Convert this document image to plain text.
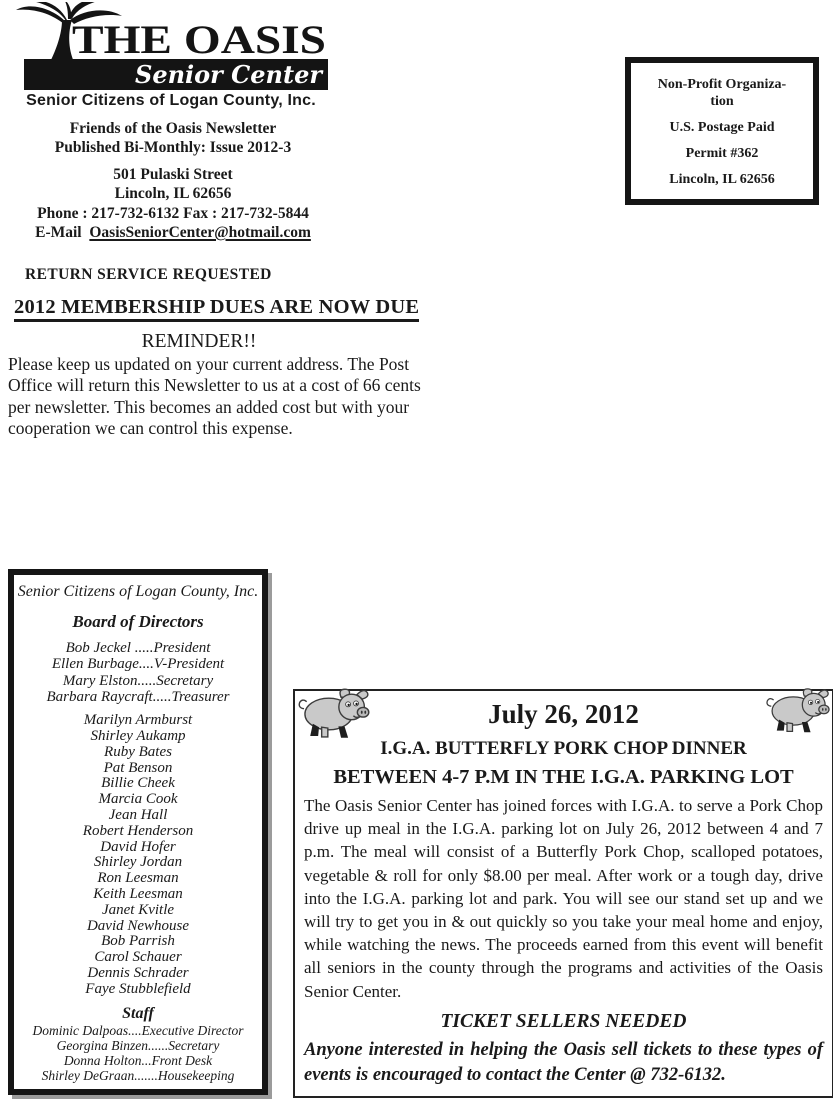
THE OASIS
Senior Center
Senior Citizens of Logan County, Inc.
Friends of the Oasis Newsletter
Published Bi-Monthly: Issue 2012-3
501 Pulaski Street
Lincoln, IL 62656
Phone : 217-732-6132 Fax : 217-732-5844
E-Mail OasisSeniorCenter@hotmail.com
Non-Profit Organiza-
tion
U.S. Postage Paid
Permit #362
Lincoln, IL 62656
RETURN SERVICE REQUESTED
2012 MEMBERSHIP DUES ARE NOW DUE
REMINDER!!
Please keep us updated on your current address. The Post Office will return this Newsletter to us at a cost of 66 cents per newsletter. This becomes an added cost but with your cooperation we can control this expense.
Senior Citizens of Logan County, Inc.
Board of Directors
Bob Jeckel .....President
Ellen Burbage....V-President
Mary Elston.....Secretary
Barbara Raycraft.....Treasurer
Marilyn Armburst
Shirley Aukamp
Ruby Bates
Pat Benson
Billie Cheek
Marcia Cook
Jean Hall
Robert Henderson
David Hofer
Shirley Jordan
Ron Leesman
Keith Leesman
Janet Kvitle
David Newhouse
Bob Parrish
Carol Schauer
Dennis Schrader
Faye Stubblefield
Staff
Dominic Dalpoas....Executive Director
Georgina Binzen......Secretary
Donna Holton...Front Desk
Shirley DeGraan.......Housekeeping
July 26, 2012
I.G.A. BUTTERFLY PORK CHOP DINNER
BETWEEN 4-7 P.M IN THE I.G.A. PARKING LOT
The Oasis Senior Center has joined forces with I.G.A. to serve a Pork Chop drive up meal in the I.G.A. parking lot on July 26, 2012 between 4 and 7 p.m. The meal will consist of a Butterfly Pork Chop, scalloped potatoes, vegetable & roll for only $8.00 per meal. After work or a tough day, drive into the I.G.A. parking lot and park. You will see our stand set up and we will try to get you in & out quickly so you take your meal home and enjoy, while watching the news. The proceeds earned from this event will benefit all seniors in the county through the programs and activities of the Oasis Senior Center.
TICKET SELLERS NEEDED
Anyone interested in helping the Oasis sell tickets to these types of events is encouraged to contact the Center @ 732-6132.
